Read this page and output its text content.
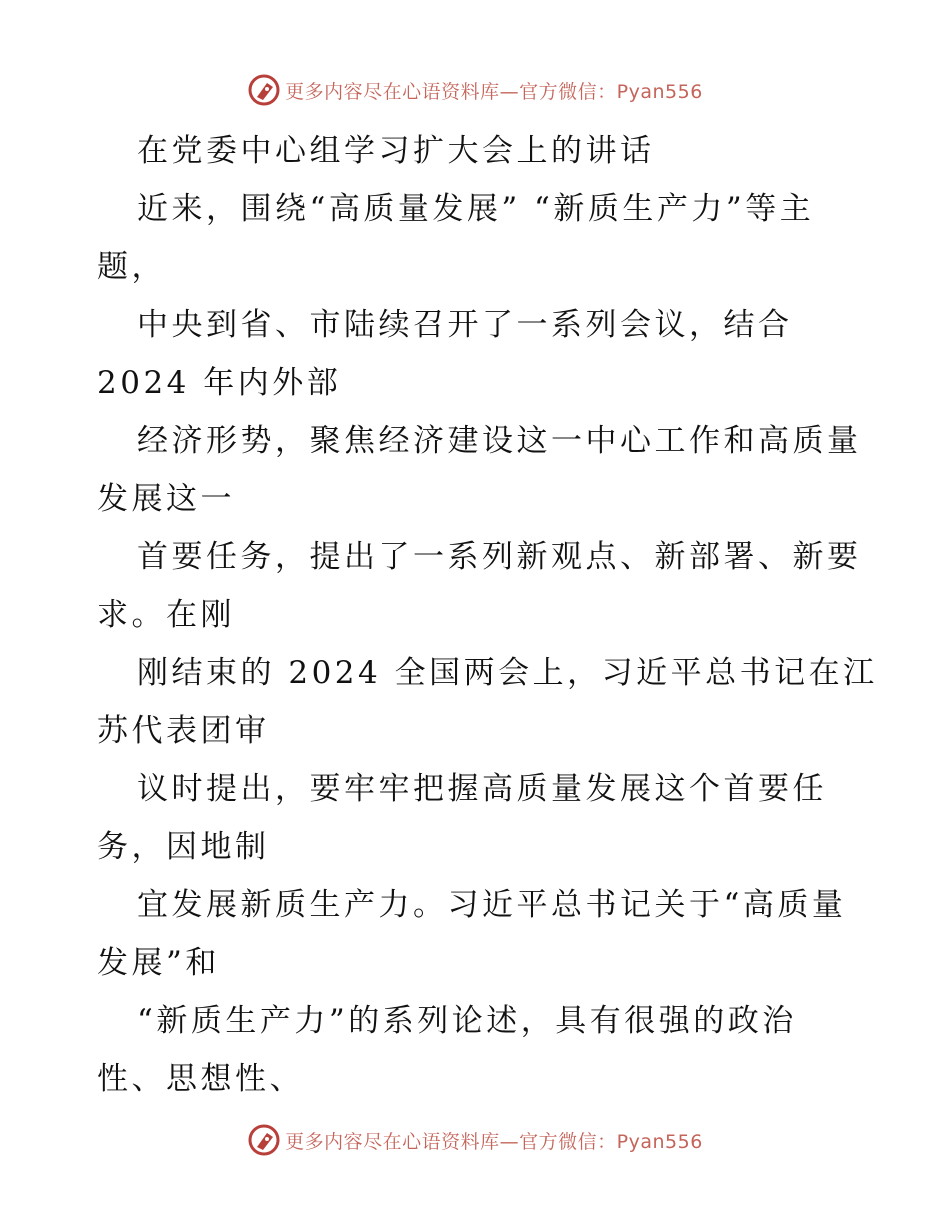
更多内容尽在心语资料库—官方微信：Pyan556
在党委中心组学习扩大会上的讲话
近来，围绕“高质量发展” “新质生产力”等主
题，
中央到省、市陆续召开了一系列会议，结合
2024 年内外部
经济形势，聚焦经济建设这一中心工作和高质量
发展这一
首要任务，提出了一系列新观点、新部署、新要
求。在刚
刚结束的 2024 全国两会上，习近平总书记在江
苏代表团审
议时提出，要牢牢把握高质量发展这个首要任
务，因地制
宜发展新质生产力。习近平总书记关于“高质量
发展”和
“新质生产力”的系列论述，具有很强的政治
性、思想性、
更多内容尽在心语资料库—官方微信：Pyan556
